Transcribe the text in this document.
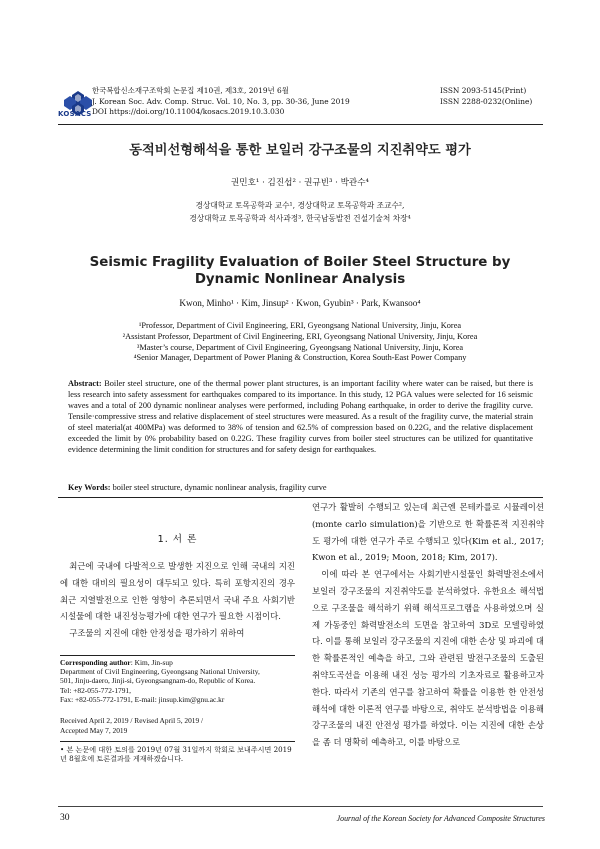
KOSACS
한국복합신소재구조학회 논문집 제10권, 제3호, 2019년 6월
J. Korean Soc. Adv. Comp. Struc. Vol. 10, No. 3, pp. 30-36, June 2019
DOI https://doi.org/10.11004/kosacs.2019.10.3.030
ISSN 2093-5145(Print)
ISSN 2288-0232(Online)
동적비선형해석을 통한 보일러 강구조물의 지진취약도 평가
권민호¹ · 김진섭² · 권규빈³ · 박관수⁴
경상대학교 토목공학과 교수¹, 경상대학교 토목공학과 조교수²,
경상대학교 토목공학과 석사과정³, 한국남동발전 건설기술처 차장⁴
Seismic Fragility Evaluation of Boiler Steel Structure by
Dynamic Nonlinear Analysis
Kwon, Minho¹ · Kim, Jinsup² · Kwon, Gyubin³ · Park, Kwansoo⁴
¹Professor, Department of Civil Engineering, ERI, Gyeongsang National University, Jinju, Korea
²Assistant Professor, Department of Civil Engineering, ERI, Gyeongsang National University, Jinju, Korea
³Master’s course, Department of Civil Engineering, Gyeongsang National University, Jinju, Korea
⁴Senior Manager, Department of Power Planing & Construction, Korea South-East Power Company
Abstract: Boiler steel structure, one of the thermal power plant structures, is an important facility where water can be raised, but there is less research into safety assessment for earthquakes compared to its importance. In this study, 12 PGA values were selected for 16 seismic waves and a total of 200 dynamic nonlinear analyses were performed, including Pohang earthquake, in order to derive the fragility curve. Tensile·compressive stress and relative displacement of steel structures were measured. As a result of the fragility curve, the material strain of steel material(at 400MPa) was deformed to 38% of tension and 62.5% of compression based on 0.22G, and the relative displacement exceeded the limit by 0% probability based on 0.22G. These fragility curves from boiler steel structures can be utilized for quantitative evidence determining the limit condition for structures and for safety design for earthquakes.
Key Words: boiler steel structure, dynamic nonlinear analysis, fragility curve
1. 서 론

최근에 국내에 다발적으로 발생한 지진으로 인해 국내의 지진에 대한 대비의 필요성이 대두되고 있다. 특히 포항지진의 경우 최근 지열발전으로 인한 영향이 추론되면서 국내 주요 사회기반시설물에 대한 내진성능평가에 대한 연구가 필요한 시점이다.

구조물의 지진에 대한 안정성을 평가하기 위하여

연구가 활발히 수행되고 있는데 최근엔 몬테카를로 시뮬레이션(monte carlo simulation)을 기반으로 한 확률론적 지진취약도 평가에 대한 연구가 주로 수행되고 있다(Kim et al., 2017; Kwon et al., 2019; Moon, 2018; Kim, 2017).

이에 따라 본 연구에서는 사회기반시설물인 화력발전소에서 보일러 강구조물의 지진취약도를 분석하였다. 유한요소 해석법으로 구조물을 해석하기 위해 해석프로그램을 사용하였으며 실제 가동중인 화력발전소의 도면을 참고하여 3D로 모델링하였다. 이를 통해 보일러 강구조물의 지진에 대한 손상 및 파괴에 대한 확률론적인 예측을 하고, 그와 관련된 발전구조물의 도출된 취약도곡선을 이용해 내진 성능 평가의 기초자료로 활용하고자 한다. 따라서 기존의 연구를 참고하여 확률을 이용한 한 안전성 해석에 대한 이론적 연구를 바탕으로, 취약도 분석방법을 이용해 강구조물의 내진 안전성 평가를 하였다. 이는 지진에 대한 손상을 좀 더 명확히 예측하고, 이를 바탕으로

Corresponding author: Kim, Jin-sup
Department of Civil Engineering, Gyeongsang National University,
501, Jinju-daero, Jinji-si, Gyeongsangnam-do, Republic of Korea.
Tel: +82-055-772-1791,
Fax: +82-055-772-1791, E-mail: jinsup.kim@gnu.ac.kr
Received April 2, 2019 / Revised April 5, 2019 /
Accepted May 7, 2019
• 본 논문에 대한 토의를 2019년 07월 31일까지 학회로 보내주시면 2019년 8월호에 토론결과를 게재하겠습니다.
30	Journal of the Korean Society for Advanced Composite Structures
